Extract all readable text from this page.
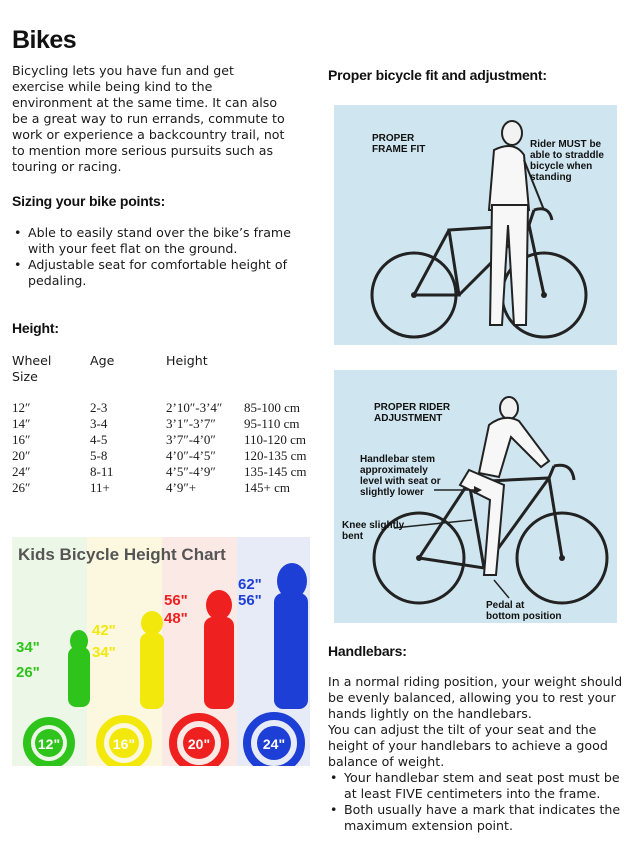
Bikes
Bicycling lets you have fun and get
exercise while being kind to the
environment at the same time. It can also
be a great way to run errands, commute to
work or experience a backcountry trail, not
to mention more serious pursuits such as
touring or racing.
Sizing your bike points:
• Able to easily stand over the bike’s frame
with your feet flat on the ground.
• Adjustable seat for comfortable height of
pedaling.
Height:
Wheel
Size
Age	Height
12″	2-3	2’10″-3’4″ 85-100 cm
14″	3-4	3’1″-3’7″ 95-110 cm
16″	4-5	3’7″-4’0″ 110-120 cm
20″	5-8	4’0″-4’5″ 120-135 cm
24″	8-11	4’5″-4’9″ 135-145 cm
26″	11+	4’9″+	145+ cm
Kids Bicycle Height Chart
34"
26"
12"
42"
34"
16"
56"
48"
20"
62"
56"
24"
Proper bicycle fit and adjustment:
PROPER
FRAME FIT	Rider MUST be
able to straddle
bicycle when
standing
PROPER RIDER
ADJUSTMENT
Handlebar stem
approximately
level with seat or
slightly lower
Knee slightly
bent
Pedal at
bottom position
Handlebars:
In a normal riding position, your weight should
be evenly balanced, allowing you to rest your
hands lightly on the handlebars.
You can adjust the tilt of your seat and the
height of your handlebars to achieve a good
balance of weight.
• Your handlebar stem and seat post must be
at least FIVE centimeters into the frame.
• Both usually have a mark that indicates the
maximum extension point.
